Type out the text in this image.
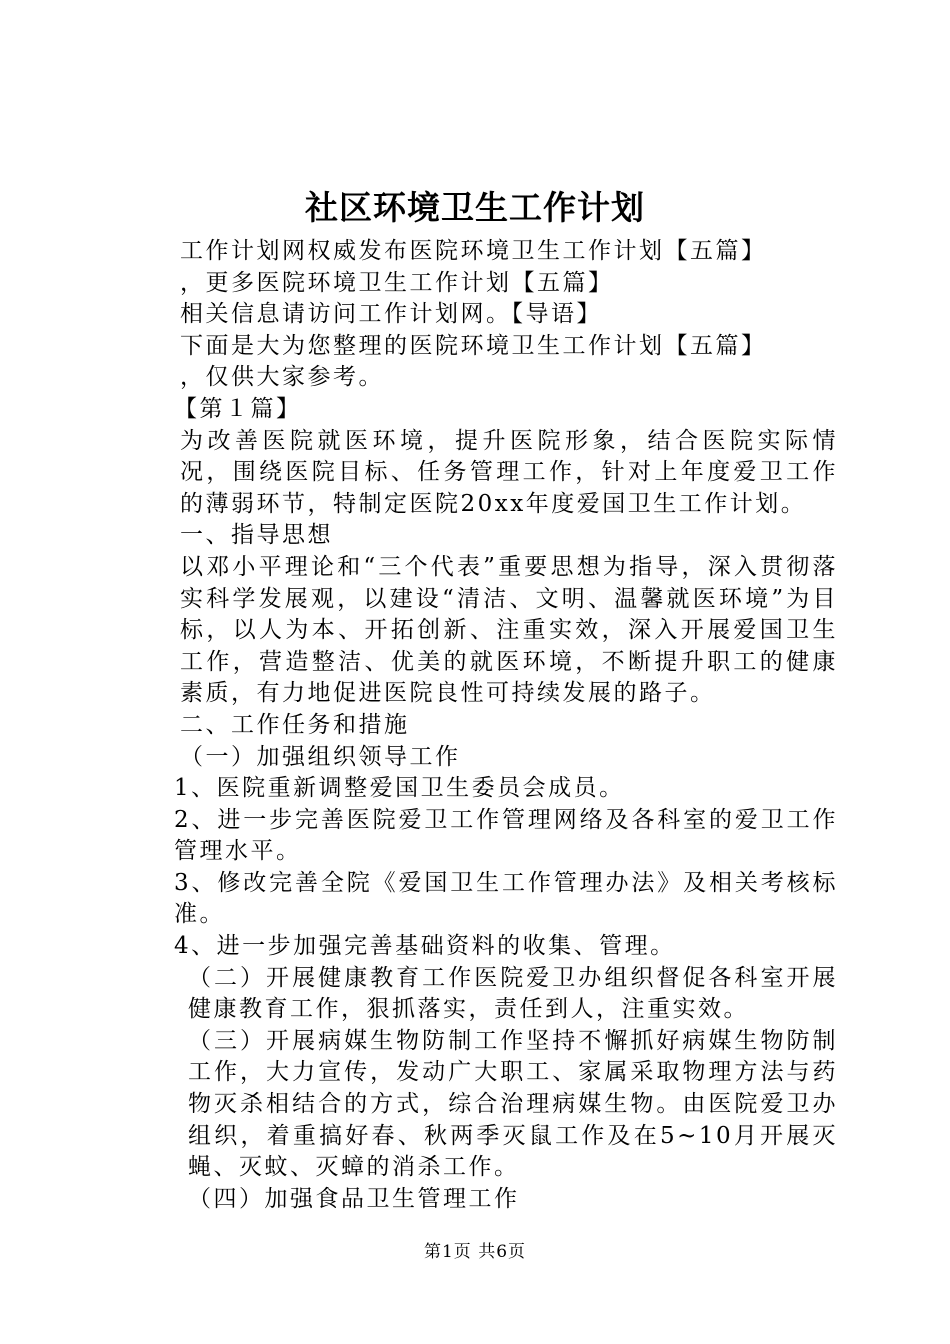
社区环境卫生工作计划

工作计划网权威发布医院环境卫生工作计划【五篇】

，更多医院环境卫生工作计划【五篇】

相关信息请访问工作计划网。【导语】

下面是大为您整理的医院环境卫生工作计划【五篇】

，仅供大家参考。

【第１篇】

为改善医院就医环境，提升医院形象，结合医院实际情况，围绕医院目标、任务管理工作，针对上年度爱卫工作的薄弱环节，特制定医院20xx年度爱国卫生工作计划。

一、指导思想

以邓小平理论和“三个代表”重要思想为指导，深入贯彻落实科学发展观，以建设“清洁、文明、温馨就医环境”为目标，以人为本、开拓创新、注重实效，深入开展爱国卫生工作，营造整洁、优美的就医环境，不断提升职工的健康素质，有力地促进医院良性可持续发展的路子。

二、工作任务和措施

（一）加强组织领导工作

1、医院重新调整爱国卫生委员会成员。

2、进一步完善医院爱卫工作管理网络及各科室的爱卫工作管理水平。

3、修改完善全院《爱国卫生工作管理办法》及相关考核标准。

4、进一步加强完善基础资料的收集、管理。

（二）开展健康教育工作医院爱卫办组织督促各科室开展健康教育工作，狠抓落实，责任到人，注重实效。

（三）开展病媒生物防制工作坚持不懈抓好病媒生物防制工作，大力宣传，发动广大职工、家属采取物理方法与药物灭杀相结合的方式，综合治理病媒生物。由医院爱卫办组织，着重搞好春、秋两季灭鼠工作及在5~10月开展灭蝇、灭蚊、灭蟑的消杀工作。

（四）加强食品卫生管理工作

第1页 共6页
